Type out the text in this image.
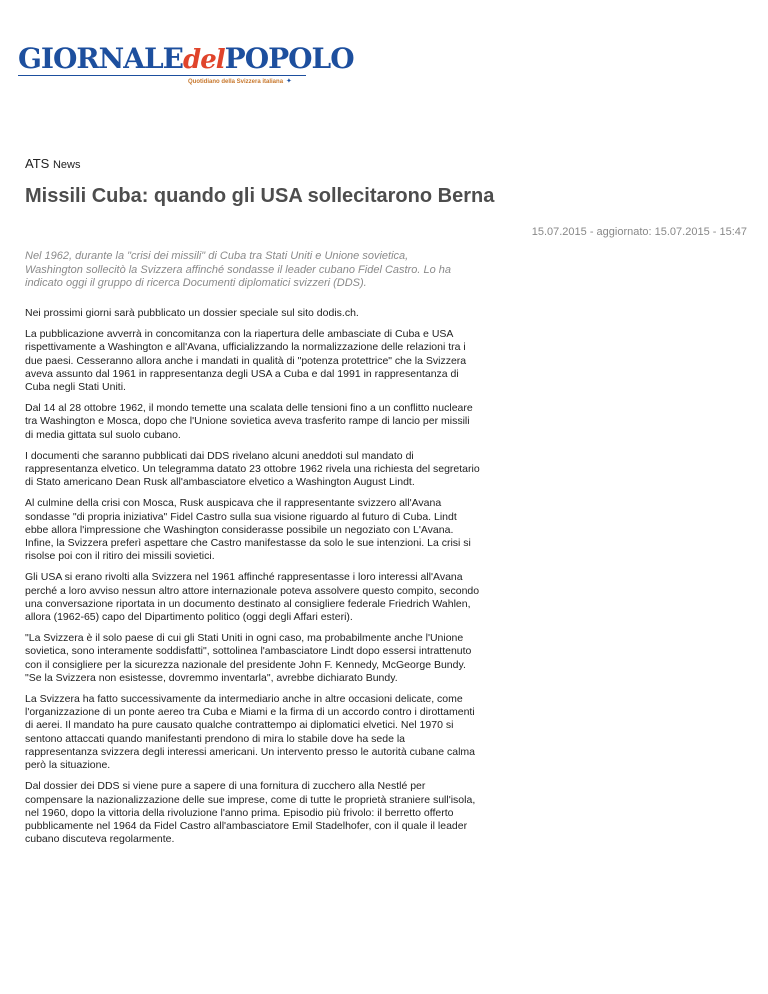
GIORNALEdelPOPOLO
Quotidiano della Svizzera italiana ✦
ATS News
Missili Cuba: quando gli USA sollecitarono Berna
15.07.2015 - aggiornato: 15.07.2015 - 15:47

Nel 1962, durante la "crisi dei missili" di Cuba tra Stati Uniti e Unione sovietica, Washington sollecitò la Svizzera affinché sondasse il leader cubano Fidel Castro. Lo ha indicato oggi il gruppo di ricerca Documenti diplomatici svizzeri (DDS).

Nei prossimi giorni sarà pubblicato un dossier speciale sul sito dodis.ch.

La pubblicazione avverrà in concomitanza con la riapertura delle ambasciate di Cuba e USA rispettivamente a Washington e all'Avana, ufficializzando la normalizzazione delle relazioni tra i due paesi. Cesseranno allora anche i mandati in qualità di "potenza protettrice" che la Svizzera aveva assunto dal 1961 in rappresentanza degli USA a Cuba e dal 1991 in rappresentanza di Cuba negli Stati Uniti.

Dal 14 al 28 ottobre 1962, il mondo temette una scalata delle tensioni fino a un conflitto nucleare tra Washington e Mosca, dopo che l'Unione sovietica aveva trasferito rampe di lancio per missili di media gittata sul suolo cubano.

I documenti che saranno pubblicati dai DDS rivelano alcuni aneddoti sul mandato di rappresentanza elvetico. Un telegramma datato 23 ottobre 1962 rivela una richiesta del segretario di Stato americano Dean Rusk all'ambasciatore elvetico a Washington August Lindt.

Al culmine della crisi con Mosca, Rusk auspicava che il rappresentante svizzero all'Avana sondasse "di propria iniziativa" Fidel Castro sulla sua visione riguardo al futuro di Cuba. Lindt ebbe allora l'impressione che Washington considerasse possibile un negoziato con L'Avana. Infine, la Svizzera preferì aspettare che Castro manifestasse da solo le sue intenzioni. La crisi si risolse poi con il ritiro dei missili sovietici.

Gli USA si erano rivolti alla Svizzera nel 1961 affinché rappresentasse i loro interessi all'Avana perché a loro avviso nessun altro attore internazionale poteva assolvere questo compito, secondo una conversazione riportata in un documento destinato al consigliere federale Friedrich Wahlen, allora (1962-65) capo del Dipartimento politico (oggi degli Affari esteri).

"La Svizzera è il solo paese di cui gli Stati Uniti in ogni caso, ma probabilmente anche l'Unione sovietica, sono interamente soddisfatti", sottolinea l'ambasciatore Lindt dopo essersi intrattenuto con il consigliere per la sicurezza nazionale del presidente John F. Kennedy, McGeorge Bundy. "Se la Svizzera non esistesse, dovremmo inventarla", avrebbe dichiarato Bundy.

La Svizzera ha fatto successivamente da intermediario anche in altre occasioni delicate, come l'organizzazione di un ponte aereo tra Cuba e Miami e la firma di un accordo contro i dirottamenti di aerei. Il mandato ha pure causato qualche contrattempo ai diplomatici elvetici. Nel 1970 si sentono attaccati quando manifestanti prendono di mira lo stabile dove ha sede la rappresentanza svizzera degli interessi americani. Un intervento presso le autorità cubane calma però la situazione.

Dal dossier dei DDS si viene pure a sapere di una fornitura di zucchero alla Nestlé per compensare la nazionalizzazione delle sue imprese, come di tutte le proprietà straniere sull'isola, nel 1960, dopo la vittoria della rivoluzione l'anno prima. Episodio più frivolo: il berretto offerto pubblicamente nel 1964 da Fidel Castro all'ambasciatore Emil Stadelhofer, con il quale il leader cubano discuteva regolarmente.
